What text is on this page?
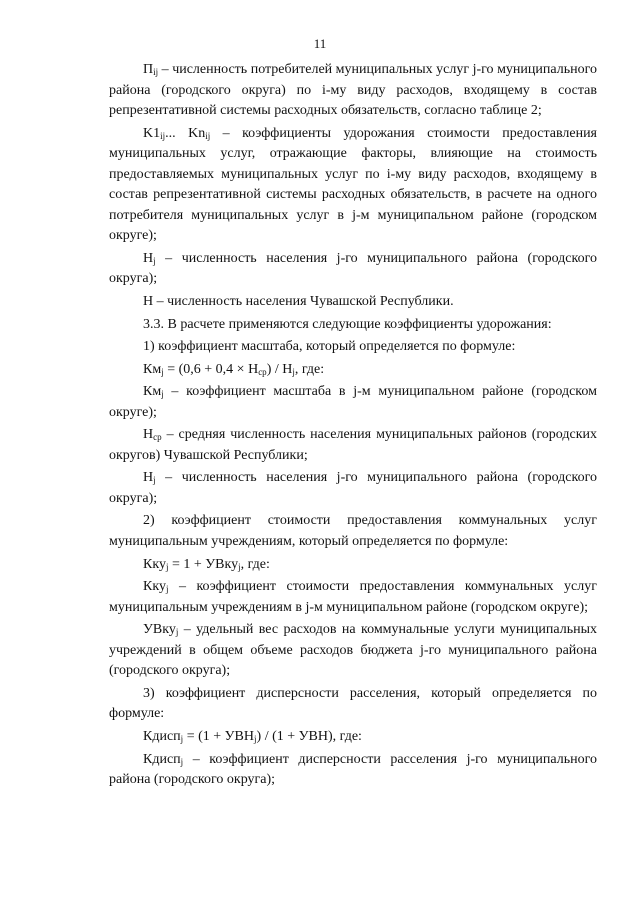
11

$П_{ij}$ – численность потребителей муниципальных услуг j-го муниципального района (городского округа) по i-му виду расходов, входящему в состав репрезентативной системы расходных обязательств, согласно таблице 2;

$K1_{ij}$... $Kn_{ij}$ – коэффициенты удорожания стоимости предоставления муниципальных услуг, отражающие факторы, влияющие на стоимость предоставляемых муниципальных услуг по i-му виду расходов, входящему в состав репрезентативной системы расходных обязательств, в расчете на одного потребителя муниципальных услуг в j-м муниципальном районе (городском округе);

$Н_j$ – численность населения j-го муниципального района (городского округа);

Н – численность населения Чувашской Республики.

3.3. В расчете применяются следующие коэффициенты удорожания:

1) коэффициент масштаба, который определяется по формуле:

$Км_j = (0,6 + 0,4 \times Н_{ср}) / Н_j$, где:

$Км_j$ – коэффициент масштаба в j-м муниципальном районе (городском округе);

$Н_{ср}$ – средняя численность населения муниципальных районов (городских округов) Чувашской Республики;

$Н_j$ – численность населения j-го муниципального района (городского округа);

2) коэффициент стоимости предоставления коммунальных услуг муниципальным учреждениям, который определяется по формуле:

Кку$_j$ = 1 + УВку$_j$, где:

Кку$_j$ – коэффициент стоимости предоставления коммунальных услуг муниципальным учреждениям в j-м муниципальном районе (городском округе);

УВку$_j$ – удельный вес расходов на коммунальные услуги муниципальных учреждений в общем объеме расходов бюджета j-го муниципального района (городского округа);

3) коэффициент дисперсности расселения, который определяется по формуле:

Кдисп$_j$ = $(1 + УВН_j) / (1 + УВН)$, где:

Кдисп$_j$ – коэффициент дисперсности расселения j-го муниципального района (городского округа);
